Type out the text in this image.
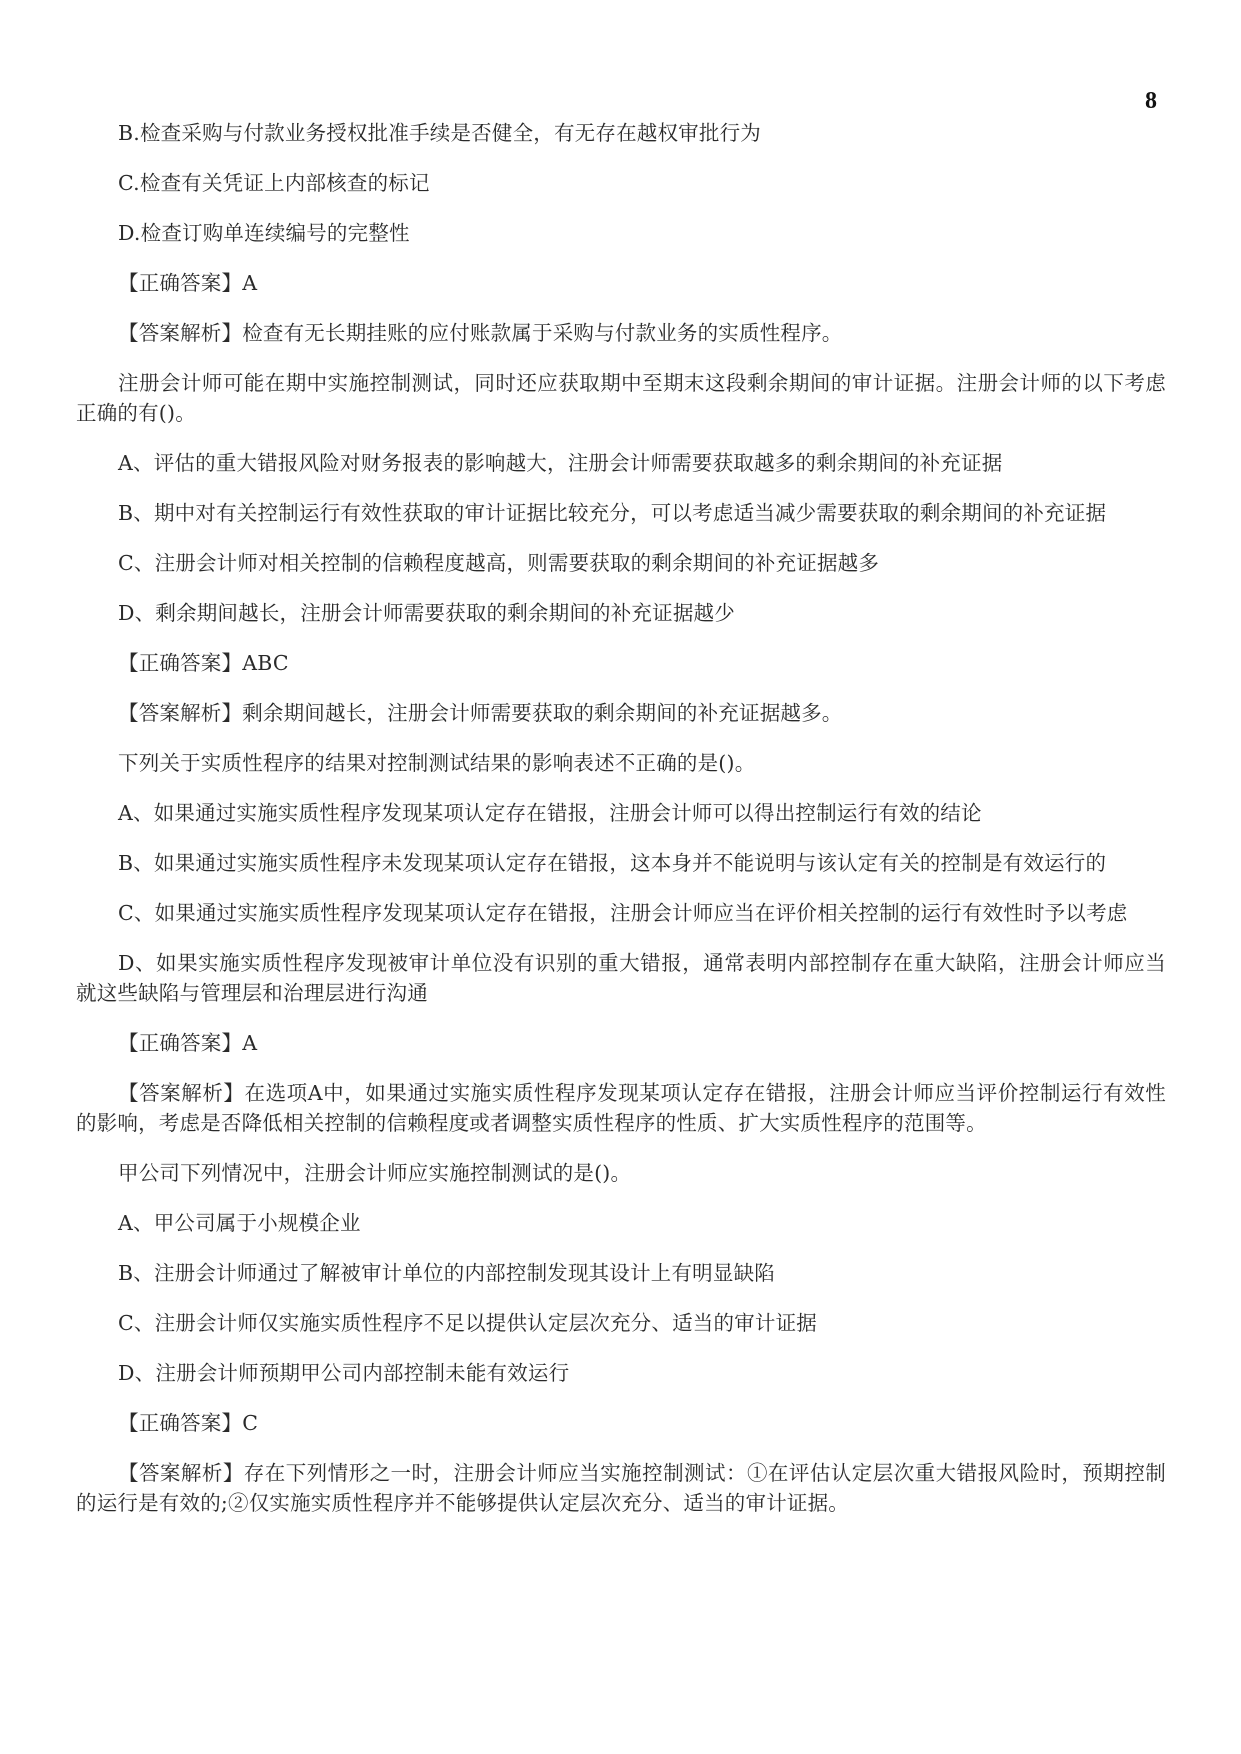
8

B.检查采购与付款业务授权批准手续是否健全，有无存在越权审批行为

C.检查有关凭证上内部核查的标记

D.检查订购单连续编号的完整性

【正确答案】A

【答案解析】检查有无长期挂账的应付账款属于采购与付款业务的实质性程序。

注册会计师可能在期中实施控制测试，同时还应获取期中至期末这段剩余期间的审计证据。注册会计师的以下考虑正确的有()。

A、评估的重大错报风险对财务报表的影响越大，注册会计师需要获取越多的剩余期间的补充证据

B、期中对有关控制运行有效性获取的审计证据比较充分，可以考虑适当减少需要获取的剩余期间的补充证据

C、注册会计师对相关控制的信赖程度越高，则需要获取的剩余期间的补充证据越多

D、剩余期间越长，注册会计师需要获取的剩余期间的补充证据越少

【正确答案】ABC

【答案解析】剩余期间越长，注册会计师需要获取的剩余期间的补充证据越多。

下列关于实质性程序的结果对控制测试结果的影响表述不正确的是()。

A、如果通过实施实质性程序发现某项认定存在错报，注册会计师可以得出控制运行有效的结论

B、如果通过实施实质性程序未发现某项认定存在错报，这本身并不能说明与该认定有关的控制是有效运行的

C、如果通过实施实质性程序发现某项认定存在错报，注册会计师应当在评价相关控制的运行有效性时予以考虑

D、如果实施实质性程序发现被审计单位没有识别的重大错报，通常表明内部控制存在重大缺陷，注册会计师应当就这些缺陷与管理层和治理层进行沟通

【正确答案】A

【答案解析】在选项A中，如果通过实施实质性程序发现某项认定存在错报，注册会计师应当评价控制运行有效性的影响，考虑是否降低相关控制的信赖程度或者调整实质性程序的性质、扩大实质性程序的范围等。

甲公司下列情况中，注册会计师应实施控制测试的是()。

A、甲公司属于小规模企业

B、注册会计师通过了解被审计单位的内部控制发现其设计上有明显缺陷

C、注册会计师仅实施实质性程序不足以提供认定层次充分、适当的审计证据

D、注册会计师预期甲公司内部控制未能有效运行

【正确答案】C

【答案解析】存在下列情形之一时，注册会计师应当实施控制测试：①在评估认定层次重大错报风险时，预期控制的运行是有效的;②仅实施实质性程序并不能够提供认定层次充分、适当的审计证据。
